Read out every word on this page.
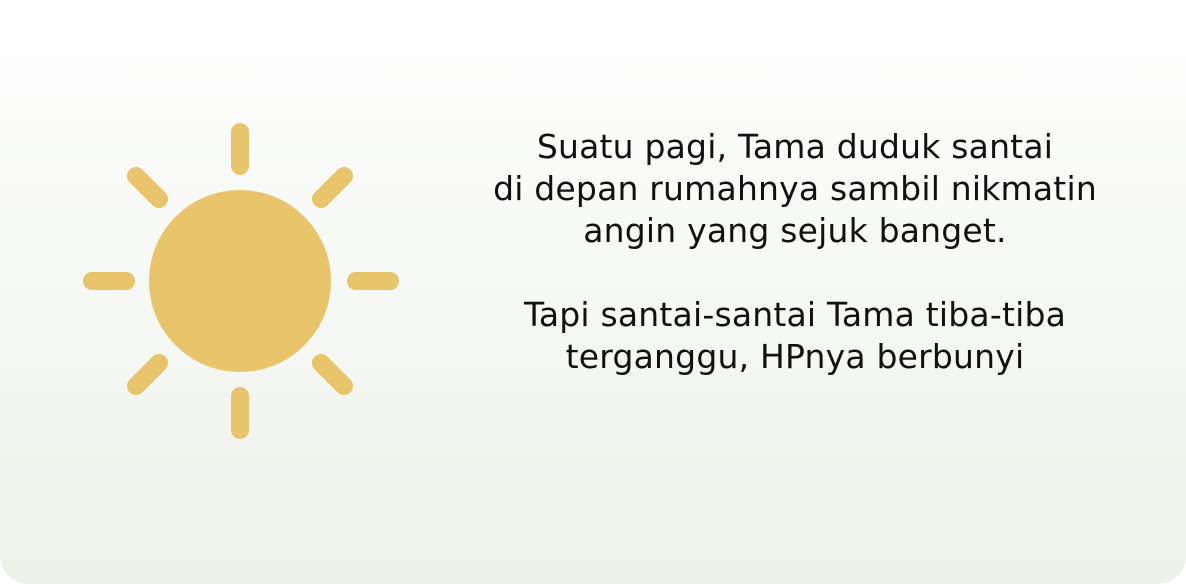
Suatu pagi, Tama duduk santai
di depan rumahnya sambil nikmatin
angin yang sejuk banget.

Tapi santai-santai Tama tiba-tiba
terganggu, HPnya berbunyi
